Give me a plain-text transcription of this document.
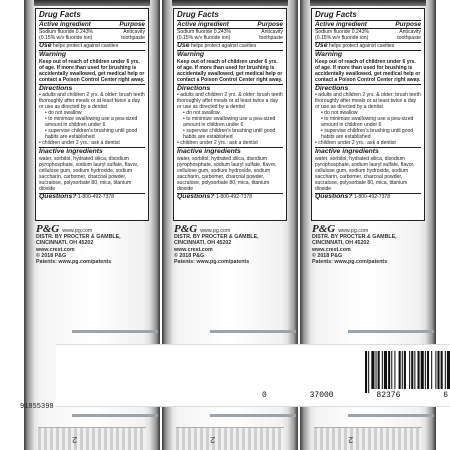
Drug Facts
Active ingredient	Purpose
Sodium fluoride 0.243%	Anticavity
(0.15% w/v fluoride ion)	toothpaste
Use helps protect against cavities
Warning
Keep out of reach of children under 6 yrs. of age. If more than used for brushing is accidentally swallowed, get medical help or contact a Poison Control Center right away.
Directions
• adults and children 2 yrs. & older: brush teeth thoroughly after meals or at least twice a day or use as directed by a dentist
• do not swallow
• to minimize swallowing use a pea-sized amount in children under 6
• supervise children's brushing until good habits are established
• children under 2 yrs.: ask a dentist
Inactive ingredients
water, sorbitol, hydrated silica, disodium pyrophosphate, sodium lauryl sulfate, flavor, cellulose gum, sodium hydroxide, sodium saccharin, carbomer, charcoal powder, sucralose, polysorbate 80, mica, titanium dioxide
Questions? 1-800-492-7378
P&G www.pg.com
DISTR. BY PROCTER & GAMBLE,
CINCINNATI, OH 45202
www.crest.com
© 2018 P&G
Patents: www.pg.com/patents
2
Drug Facts
Active ingredient	Purpose
Sodium fluoride 0.243%	Anticavity
(0.15% w/v fluoride ion)	toothpaste
Use helps protect against cavities
Warning
Keep out of reach of children under 6 yrs. of age. If more than used for brushing is accidentally swallowed, get medical help or contact a Poison Control Center right away.
Directions
• adults and children 2 yrs. & older: brush teeth thoroughly after meals or at least twice a day or use as directed by a dentist
• do not swallow
• to minimize swallowing use a pea-sized amount in children under 6
• supervise children's brushing until good habits are established
• children under 2 yrs.: ask a dentist
Inactive ingredients
water, sorbitol, hydrated silica, disodium pyrophosphate, sodium lauryl sulfate, flavor, cellulose gum, sodium hydroxide, sodium saccharin, carbomer, charcoal powder, sucralose, polysorbate 80, mica, titanium dioxide
Questions? 1-800-492-7378
P&G www.pg.com
DISTR. BY PROCTER & GAMBLE,
CINCINNATI, OH 45202
www.crest.com
© 2018 P&G
Patents: www.pg.com/patents
2
Drug Facts
Active ingredient	Purpose
Sodium fluoride 0.243%	Anticavity
(0.15% w/v fluoride ion)	toothpaste
Use helps protect against cavities
Warning
Keep out of reach of children under 6 yrs. of age. If more than used for brushing is accidentally swallowed, get medical help or contact a Poison Control Center right away.
Directions
• adults and children 2 yrs. & older: brush teeth thoroughly after meals or at least twice a day or use as directed by a dentist
• do not swallow
• to minimize swallowing use a pea-sized amount in children under 6
• supervise children's brushing until good habits are established
• children under 2 yrs.: ask a dentist
Inactive ingredients
water, sorbitol, hydrated silica, disodium pyrophosphate, sodium lauryl sulfate, flavor, cellulose gum, sodium hydroxide, sodium saccharin, carbomer, charcoal powder, sucralose, polysorbate 80, mica, titanium dioxide
Questions? 1-800-492-7378
P&G www.pg.com
DISTR. BY PROCTER & GAMBLE,
CINCINNATI, OH 45202
www.crest.com
© 2018 P&G
Patents: www.pg.com/patents
2
0	37000	82376	6
91855398
